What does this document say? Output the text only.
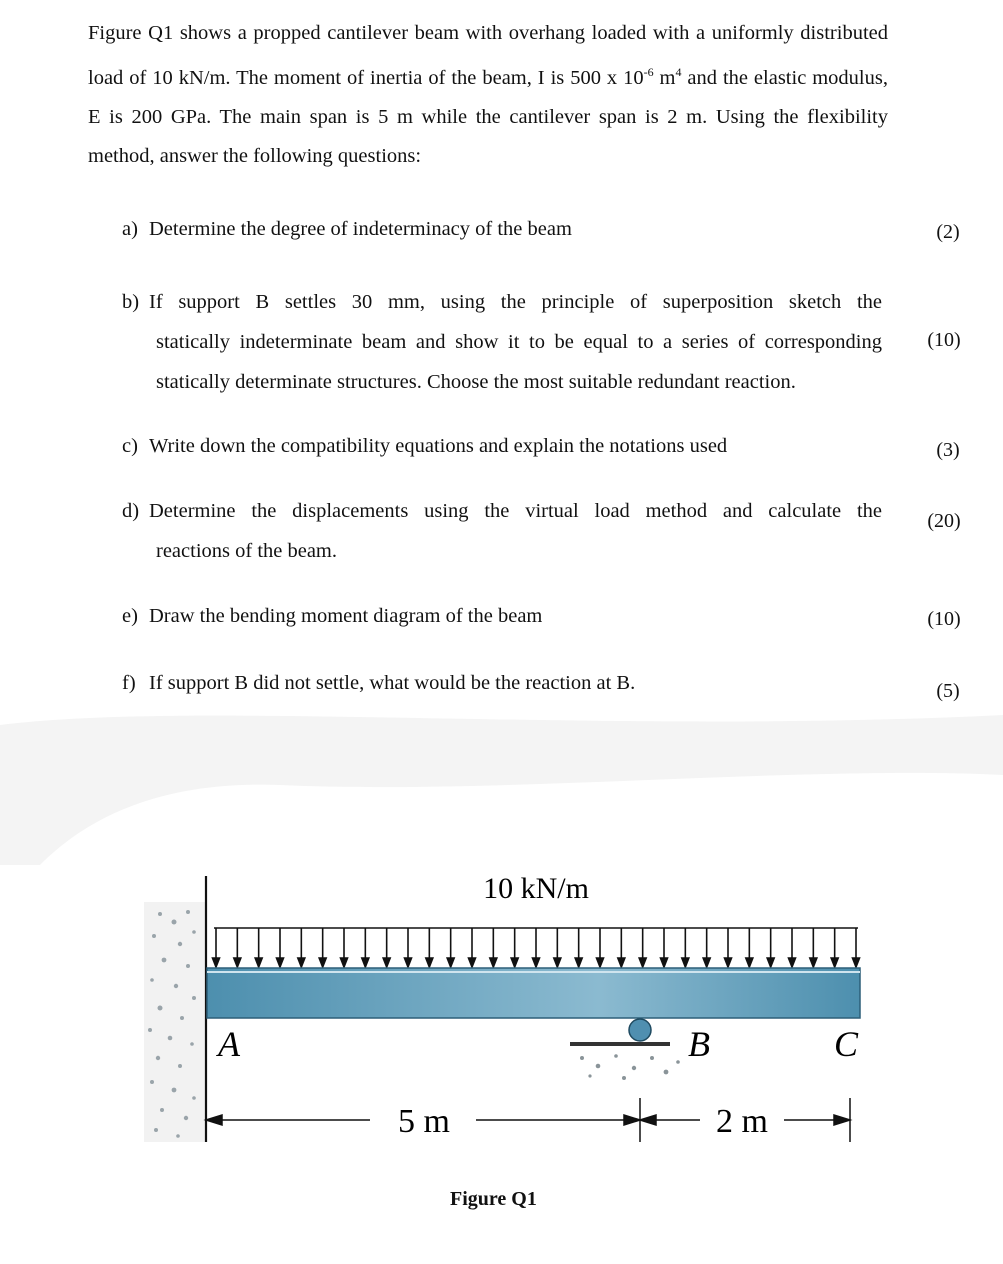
Figure Q1 shows a propped cantilever beam with overhang loaded with a uniformly distributed load of 10 kN/m. The moment of inertia of the beam, I is 500 x $10^{-6}$ $m^4$ and the elastic modulus, E is 200 GPa. The main span is 5 m while the cantilever span is 2 m. Using the flexibility method, answer the following questions:
a) Determine the degree of indeterminacy of the beam	(2)
b) If support B settles 30 mm, using the principle of superposition sketch the
statically indeterminate beam and show it to be equal to a series of corresponding
statically determinate structures. Choose the most suitable redundant reaction.
(10)
c) Write down the compatibility equations and explain the notations used	(3)
d) Determine the displacements using the virtual load method and calculate the
reactions of the beam.
(20)
e) Draw the bending moment diagram of the beam	(10)
f) If support B did not settle, what would be the reaction at B.	(5)
10 kN/m
A	B	C
5 m	2 m
Figure Q1
